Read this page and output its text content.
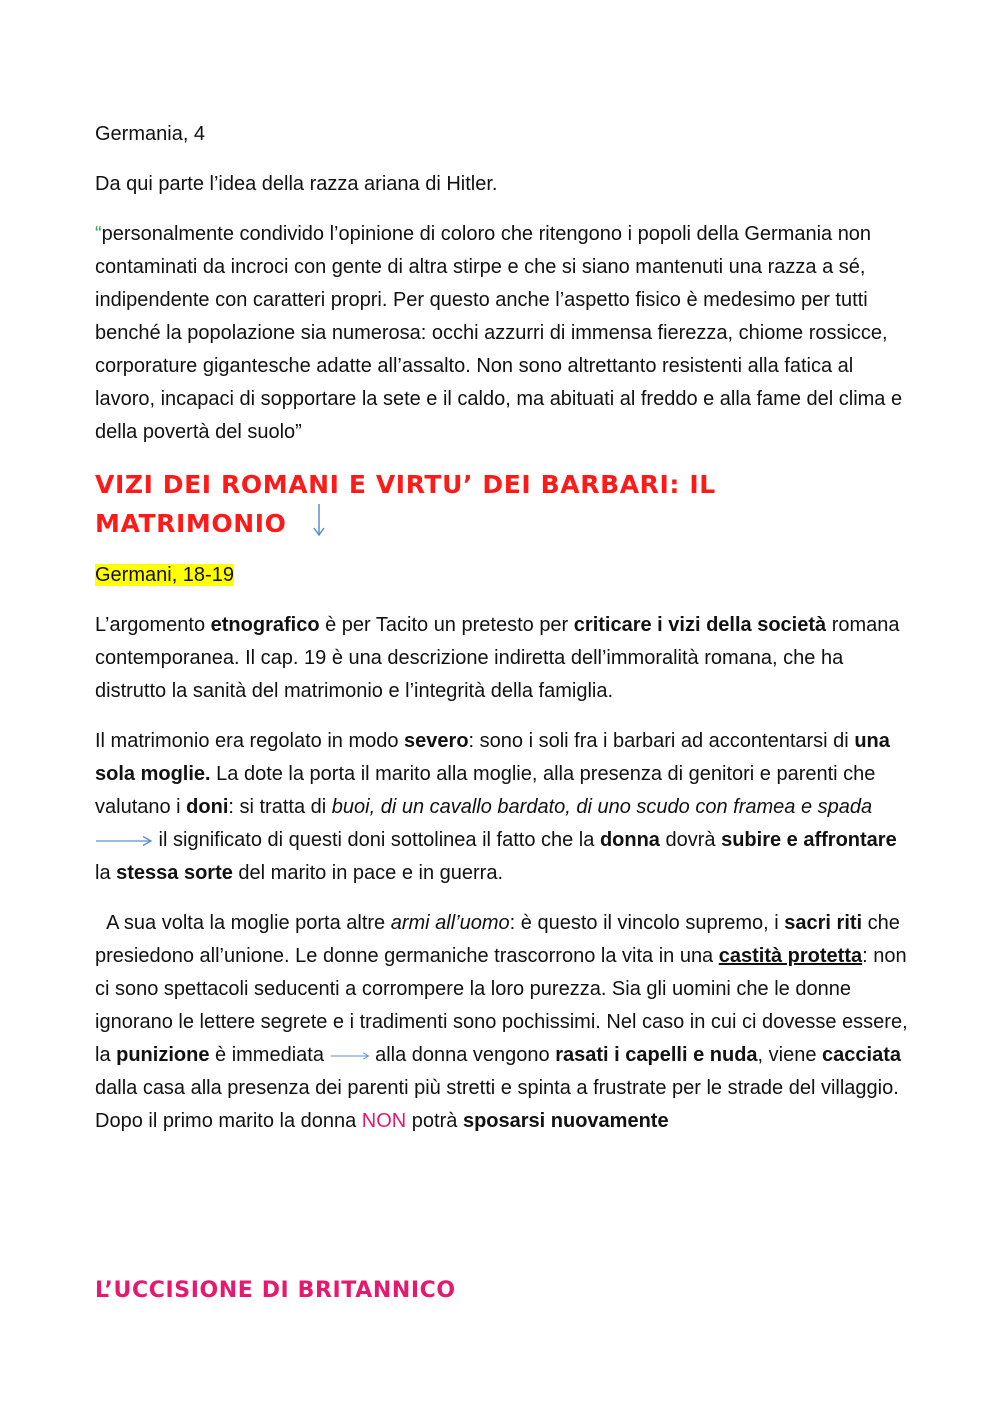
Germania, 4

Da qui parte l’idea della razza ariana di Hitler.

“personalmente condivido l’opinione di coloro che ritengono i popoli della Germania non contaminati da incroci con gente di altra stirpe e che si siano mantenuti una razza a sé, indipendente con caratteri propri. Per questo anche l’aspetto fisico è medesimo per tutti benché la popolazione sia numerosa: occhi azzurri di immensa fierezza, chiome rossicce, corporature gigantesche adatte all’assalto. Non sono altrettanto resistenti alla fatica al lavoro, incapaci di sopportare la sete e il caldo, ma abituati al freddo e alla fame del clima e della povertà del suolo”

VIZI DEI ROMANI E VIRTU’ DEI BARBARI: IL MATRIMONIO

Germani, 18-19

L’argomento etnografico è per Tacito un pretesto per criticare i vizi della società romana contemporanea. Il cap. 19 è una descrizione indiretta dell’immoralità romana, che ha distrutto la sanità del matrimonio e l’integrità della famiglia.

Il matrimonio era regolato in modo severo: sono i soli fra i barbari ad accontentarsi di una sola moglie. La dote la porta il marito alla moglie, alla presenza di genitori e parenti che valutano i doni: si tratta di buoi, di un cavallo bardato, di uno scudo con framea e spada il significato di questi doni sottolinea il fatto che la donna dovrà subire e affrontare la stessa sorte del marito in pace e in guerra.

A sua volta la moglie porta altre armi all’uomo: è questo il vincolo supremo, i sacri riti che presiedono all’unione. Le donne germaniche trascorrono la vita in una castità protetta: non ci sono spettacoli seducenti a corrompere la loro purezza. Sia gli uomini che le donne ignorano le lettere segrete e i tradimenti sono pochissimi. Nel caso in cui ci dovesse essere, la punizione è immediata  alla donna vengono rasati i capelli e nuda, viene cacciata dalla casa alla presenza dei parenti più stretti e spinta a frustrate per le strade del villaggio. Dopo il primo marito la donna NON potrà sposarsi nuovamente

L’UCCISIONE DI BRITANNICO
